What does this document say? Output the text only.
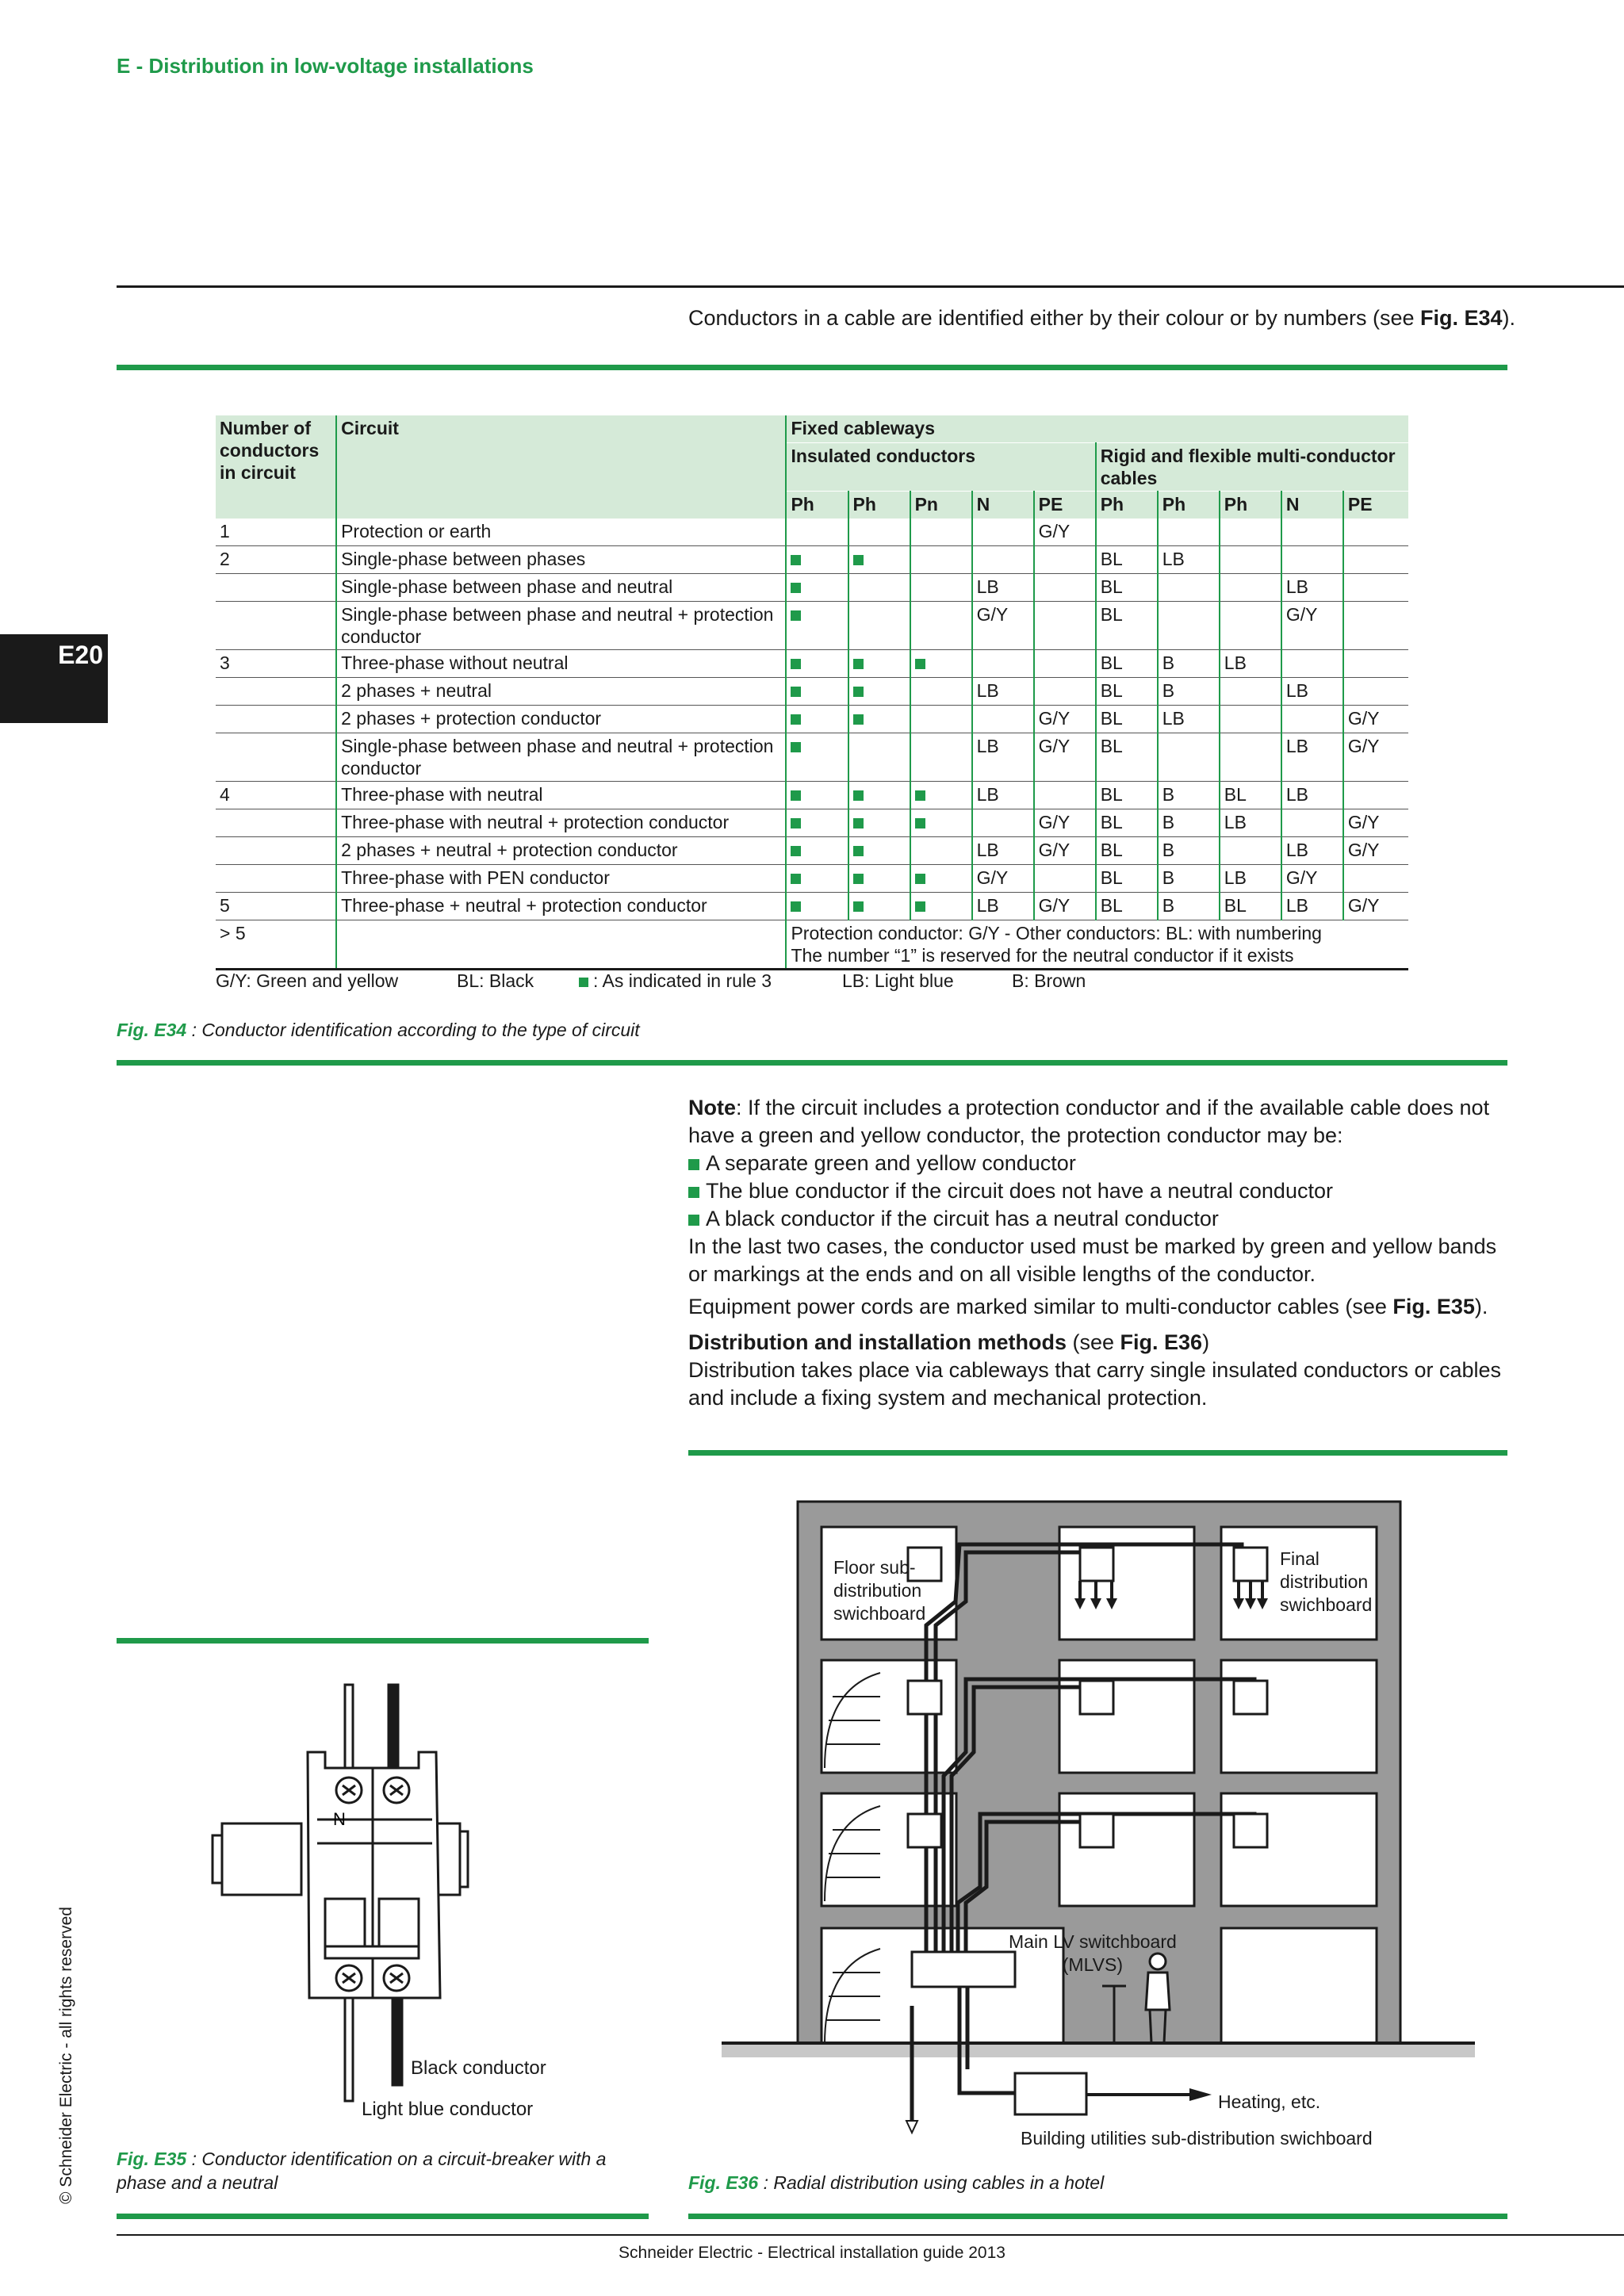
E - Distribution in low-voltage installations
Conductors in a cable are identified either by their colour or by numbers (see Fig. E34).
E20
© Schneider Electric - all rights reserved
Number of conductors in circuit	Circuit	Fixed cableways									
		Insulated conductors					Rigid and flexible multi-conductor cables				
		Ph	Ph	Pn	N	PE	Ph	Ph	Ph	N	PE
1	Protection or earth					G/Y					
2	Single-phase between phases						BL	LB			
	Single-phase between phase and neutral				LB		BL			LB	
	Single-phase between phase and neutral + protection conductor				G/Y		BL			G/Y	
3	Three-phase without neutral						BL	B	LB		
	2 phases + neutral				LB		BL	B		LB	
	2 phases + protection conductor					G/Y	BL	LB			G/Y
	Single-phase between phase and neutral + protection conductor				LB	G/Y	BL			LB	G/Y
4	Three-phase with neutral				LB		BL	B	BL	LB	
	Three-phase with neutral + protection conductor					G/Y	BL	B	LB		G/Y
	2 phases + neutral + protection conductor				LB	G/Y	BL	B		LB	G/Y
	Three-phase with PEN conductor				G/Y		BL	B	LB	G/Y	
5	Three-phase + neutral + protection conductor				LB	G/Y	BL	B	BL	LB	G/Y
> 5		Protection conductor: G/Y - Other conductors: BL: with numbering
The number “1” is reserved for the neutral conductor if it exists									
G/Y: Green and yellow	BL: Black	: As indicated in rule 3	LB: Light blue	B: Brown
Fig. E34 : Conductor identification according to the type of circuit
Note: If the circuit includes a protection conductor and if the available cable does not have a green and yellow conductor, the protection conductor may be:
A separate green and yellow conductor
The blue conductor if the circuit does not have a neutral conductor
A black conductor if the circuit has a neutral conductor
In the last two cases, the conductor used must be marked by green and yellow bands or markings at the ends and on all visible lengths of the conductor.
Equipment power cords are marked similar to multi-conductor cables (see Fig. E35).
Distribution and installation methods (see Fig. E36)
Distribution takes place via cableways that carry single insulated conductors or cables and include a fixing system and mechanical protection.
N
Black conductor
Light blue conductor
Fig. E35 : Conductor identification on a circuit-breaker with a phase and a neutral
Floor sub-
distribution
swichboard
Final
distribution
swichboard
Main LV switchboard
(MLVS)
Heating, etc.
Building utilities sub-distribution swichboard
Fig. E36 : Radial distribution using cables in a hotel
Schneider Electric - Electrical installation guide 2013
